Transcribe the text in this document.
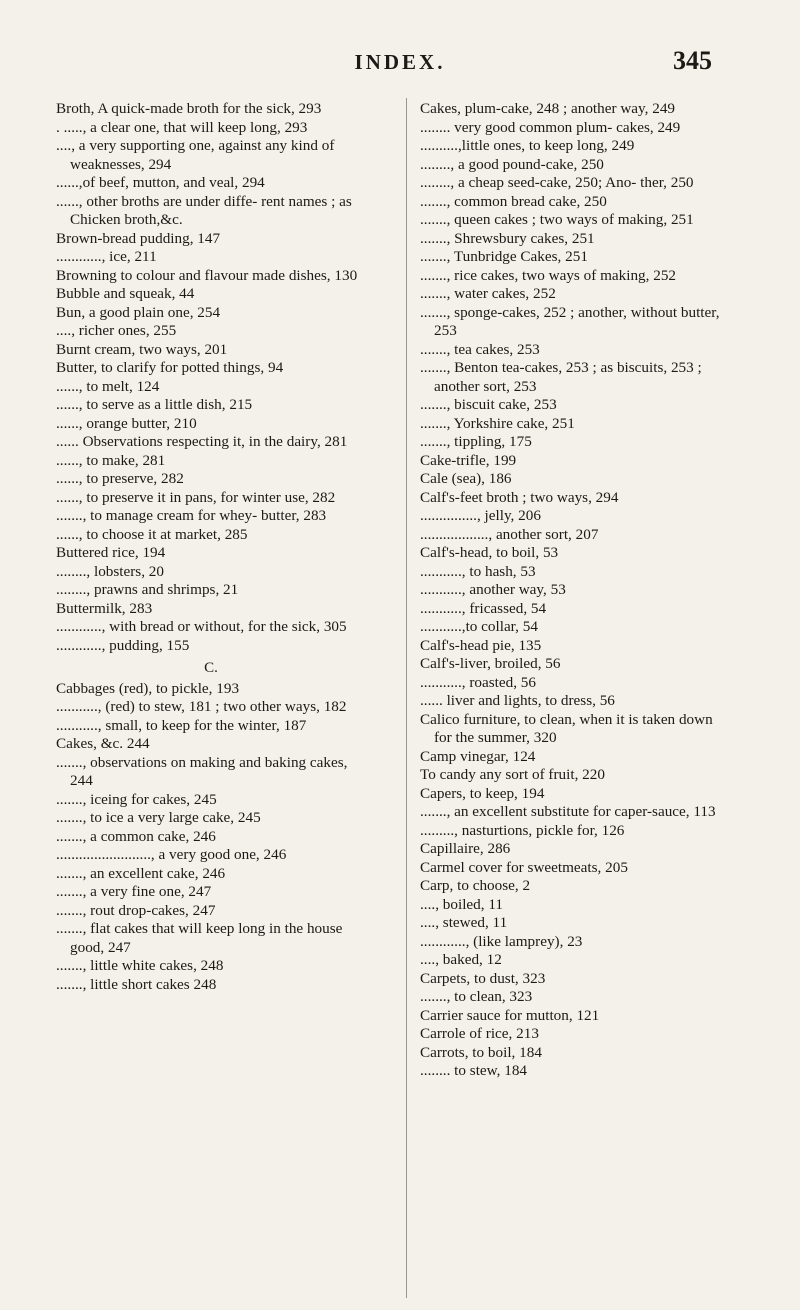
INDEX.	345

Broth, A quick-made broth for the sick, 293

. ....., a clear one, that will keep long, 293

...., a very supporting one, against any kind of weaknesses, 294

......,of beef, mutton, and veal, 294

......, other broths are under diffe- rent names ; as Chicken broth,&c.

Brown-bread pudding, 147

............, ice, 211

Browning to colour and flavour made dishes, 130

Bubble and squeak, 44

Bun, a good plain one, 254

...., richer ones, 255

Burnt cream, two ways, 201

Butter, to clarify for potted things, 94

......, to melt, 124

......, to serve as a little dish, 215

......, orange butter, 210

...... Observations respecting it, in the dairy, 281

......, to make, 281

......, to preserve, 282

......, to preserve it in pans, for winter use, 282

......., to manage cream for whey- butter, 283

......, to choose it at market, 285

Buttered rice, 194

........, lobsters, 20

........, prawns and shrimps, 21

Buttermilk, 283

............, with bread or without, for the sick, 305

............, pudding, 155

C.

Cabbages (red), to pickle, 193

..........., (red) to stew, 181 ; two other ways, 182

..........., small, to keep for the winter, 187

Cakes, &c. 244

......., observations on making and baking cakes, 244

......., iceing for cakes, 245

......., to ice a very large cake, 245

......., a common cake, 246

........................., a very good one, 246

......., an excellent cake, 246

......., a very fine one, 247

......., rout drop-cakes, 247

......., flat cakes that will keep long in the house good, 247

......., little white cakes, 248

......., little short cakes 248

Cakes, plum-cake, 248 ; another way, 249

........ very good common plum- cakes, 249

..........,little ones, to keep long, 249

........, a good pound-cake, 250

........, a cheap seed-cake, 250; Ano- ther, 250

......., common bread cake, 250

......., queen cakes ; two ways of making, 251

......., Shrewsbury cakes, 251

......., Tunbridge Cakes, 251

......., rice cakes, two ways of making, 252

......., water cakes, 252

......., sponge-cakes, 252 ; another, without butter, 253

......., tea cakes, 253

......., Benton tea-cakes, 253 ; as biscuits, 253 ; another sort, 253

......., biscuit cake, 253

......., Yorkshire cake, 251

......., tippling, 175

Cake-trifle, 199

Cale (sea), 186

Calf's-feet broth ; two ways, 294

..............., jelly, 206

.................., another sort, 207

Calf's-head, to boil, 53

..........., to hash, 53

..........., another way, 53

..........., fricassed, 54

...........,to collar, 54

Calf's-head pie, 135

Calf's-liver, broiled, 56

..........., roasted, 56

...... liver and lights, to dress, 56

Calico furniture, to clean, when it is taken down for the summer, 320

Camp vinegar, 124

To candy any sort of fruit, 220

Capers, to keep, 194

......., an excellent substitute for caper-sauce, 113

........., nasturtions, pickle for, 126

Capillaire, 286

Carmel cover for sweetmeats, 205

Carp, to choose, 2

...., boiled, 11

...., stewed, 11

............, (like lamprey), 23

...., baked, 12

Carpets, to dust, 323

......., to clean, 323

Carrier sauce for mutton, 121

Carrole of rice, 213

Carrots, to boil, 184

........ to stew, 184
